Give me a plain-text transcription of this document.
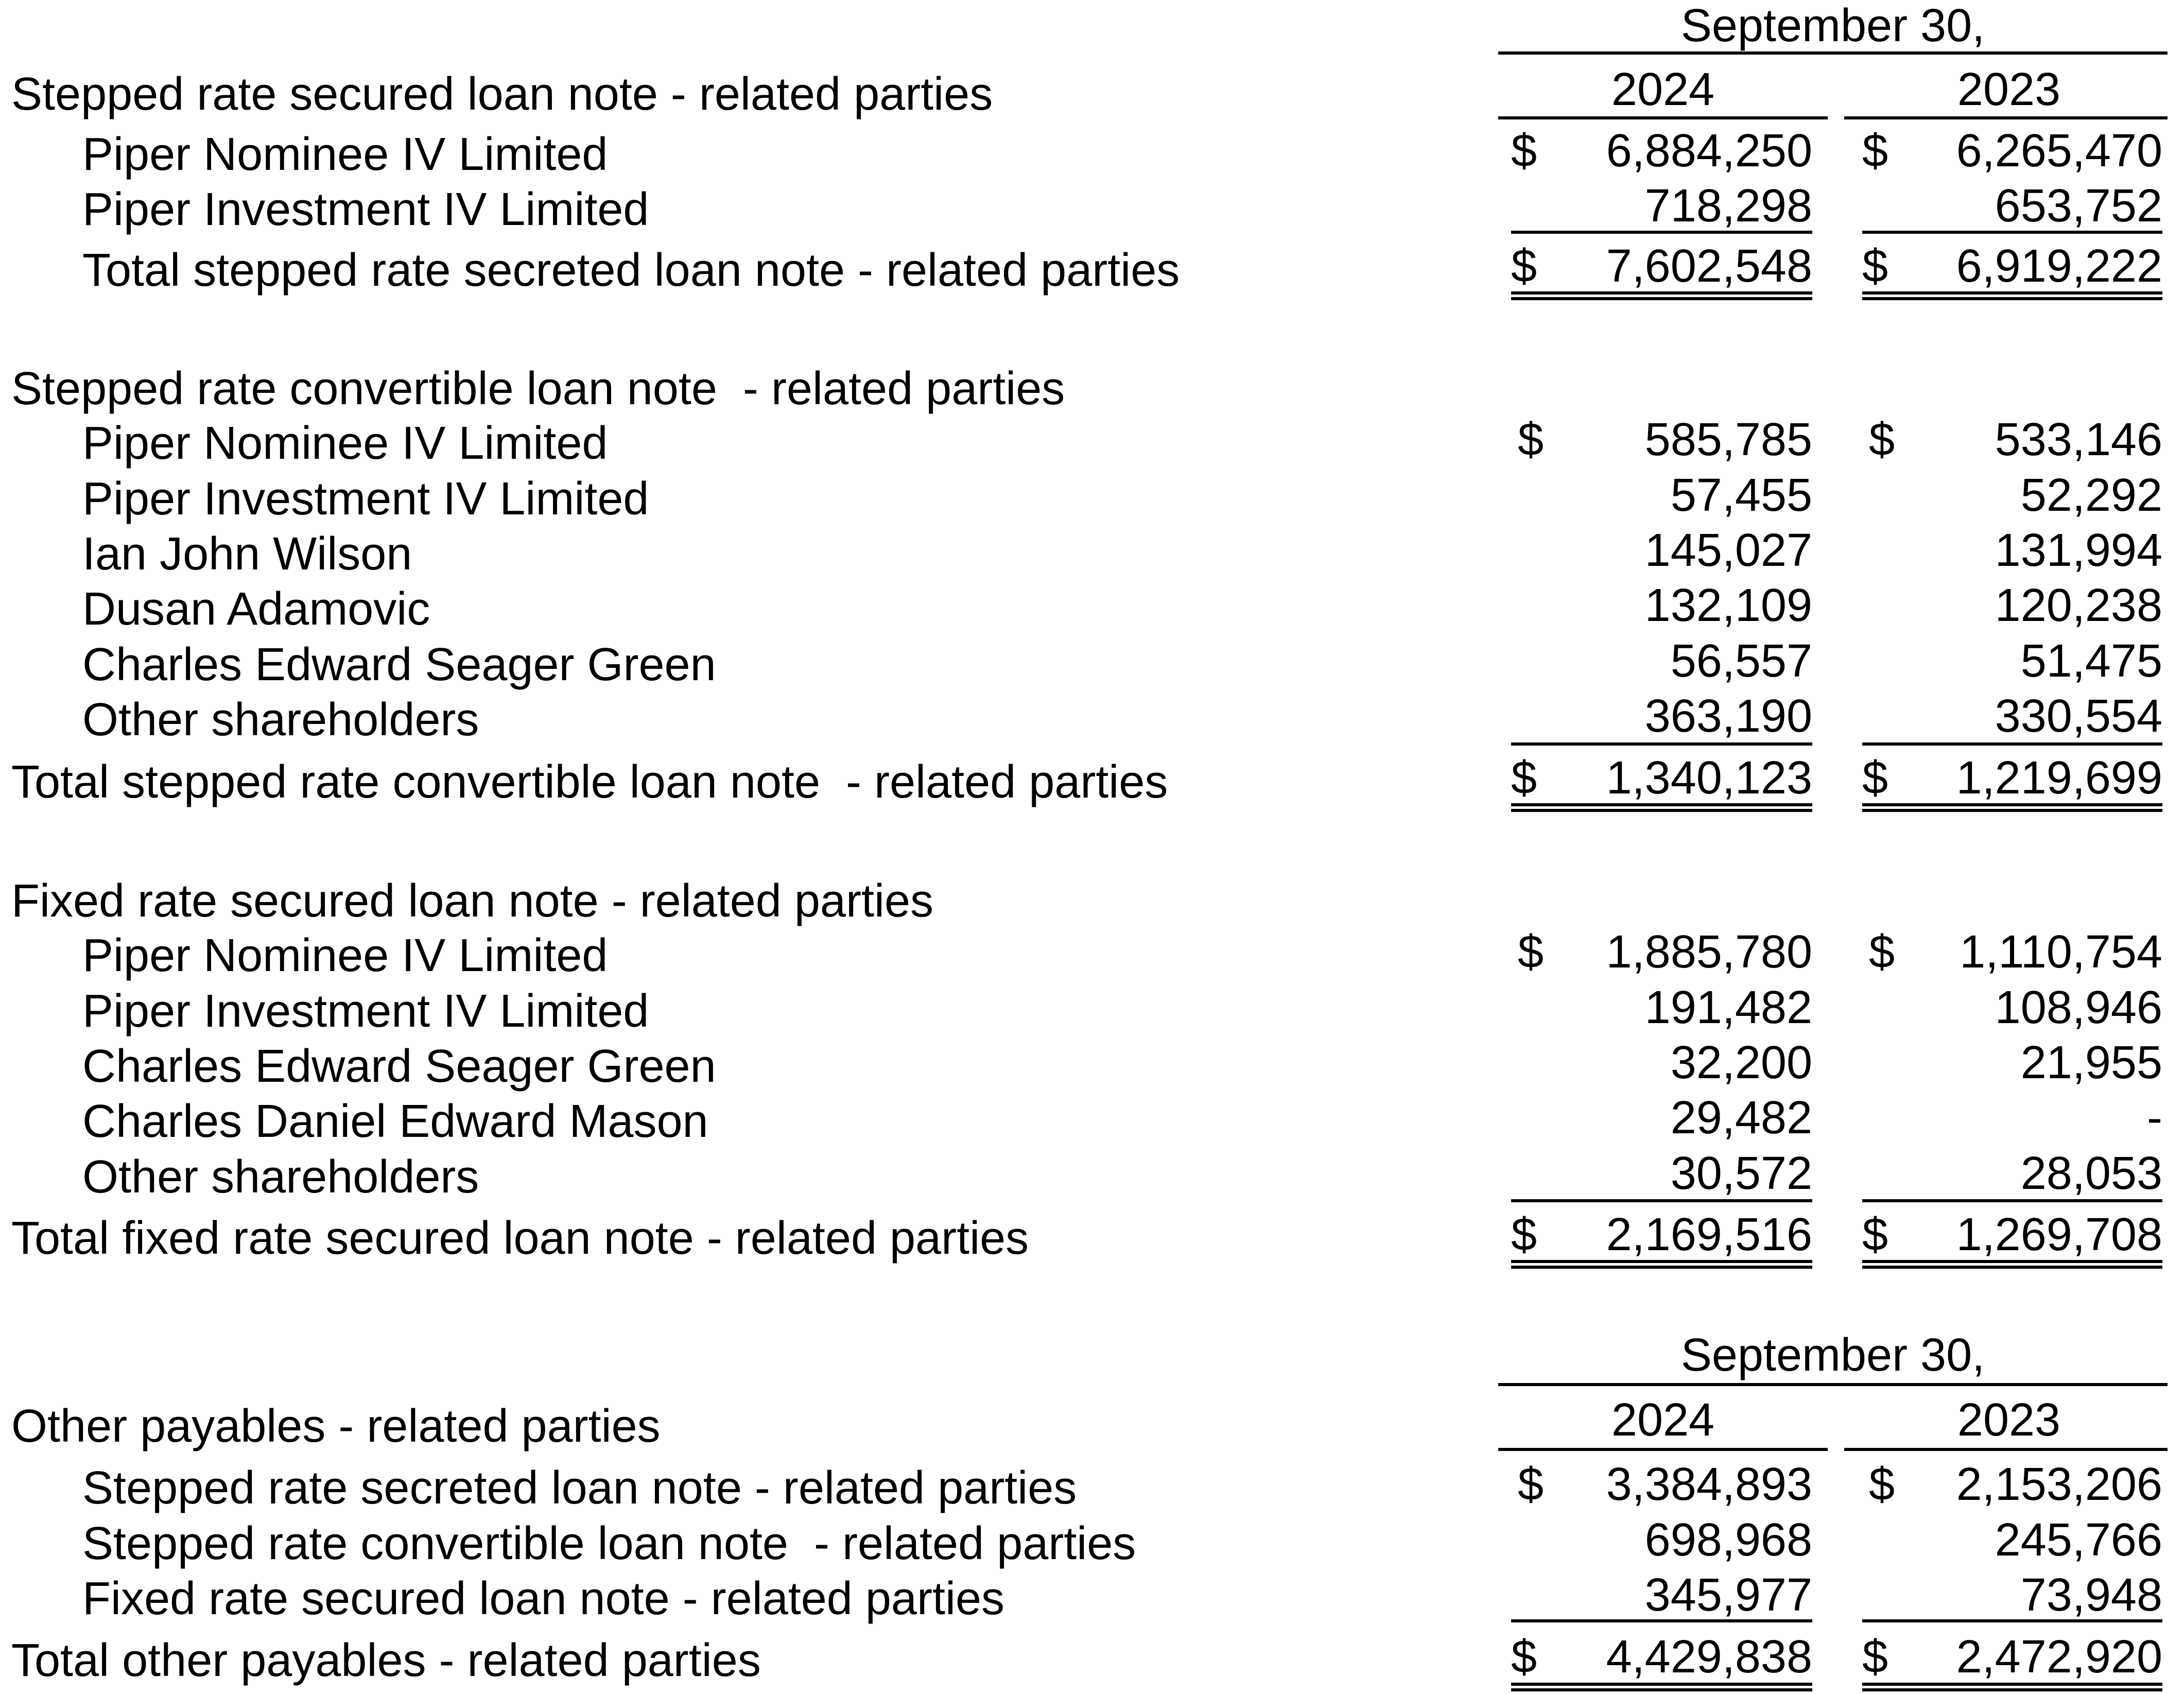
September 30,
2024	2023
Stepped rate secured loan note - related parties
Piper Nominee IV Limited	$	6,884,250 $	6,265,470
Piper Investment IV Limited	718,298	653,752
Total stepped rate secreted loan note - related parties	$	7,602,548 $	6,919,222
Stepped rate convertible loan note  - related parties
Piper Nominee IV Limited	$	585,785 $	533,146
Piper Investment IV Limited	57,455	52,292
Ian John Wilson	145,027	131,994
Dusan Adamovic	132,109	120,238
Charles Edward Seager Green	56,557	51,475
Other shareholders	363,190	330,554
Total stepped rate convertible loan note  - related parties	$	1,340,123 $	1,219,699
Fixed rate secured loan note - related parties
Piper Nominee IV Limited	$	1,885,780 $	1,110,754
Piper Investment IV Limited	191,482	108,946
Charles Edward Seager Green	32,200	21,955
Charles Daniel Edward Mason	29,482	-
Other shareholders	30,572	28,053
Total fixed rate secured loan note - related parties	$	2,169,516 $	1,269,708
September 30,
2024	2023
Other payables - related parties
Stepped rate secreted loan note - related parties	$	3,384,893 $	2,153,206
Stepped rate convertible loan note  - related parties	698,968	245,766
Fixed rate secured loan note - related parties	345,977	73,948
Total other payables - related parties	$	4,429,838 $	2,472,920
